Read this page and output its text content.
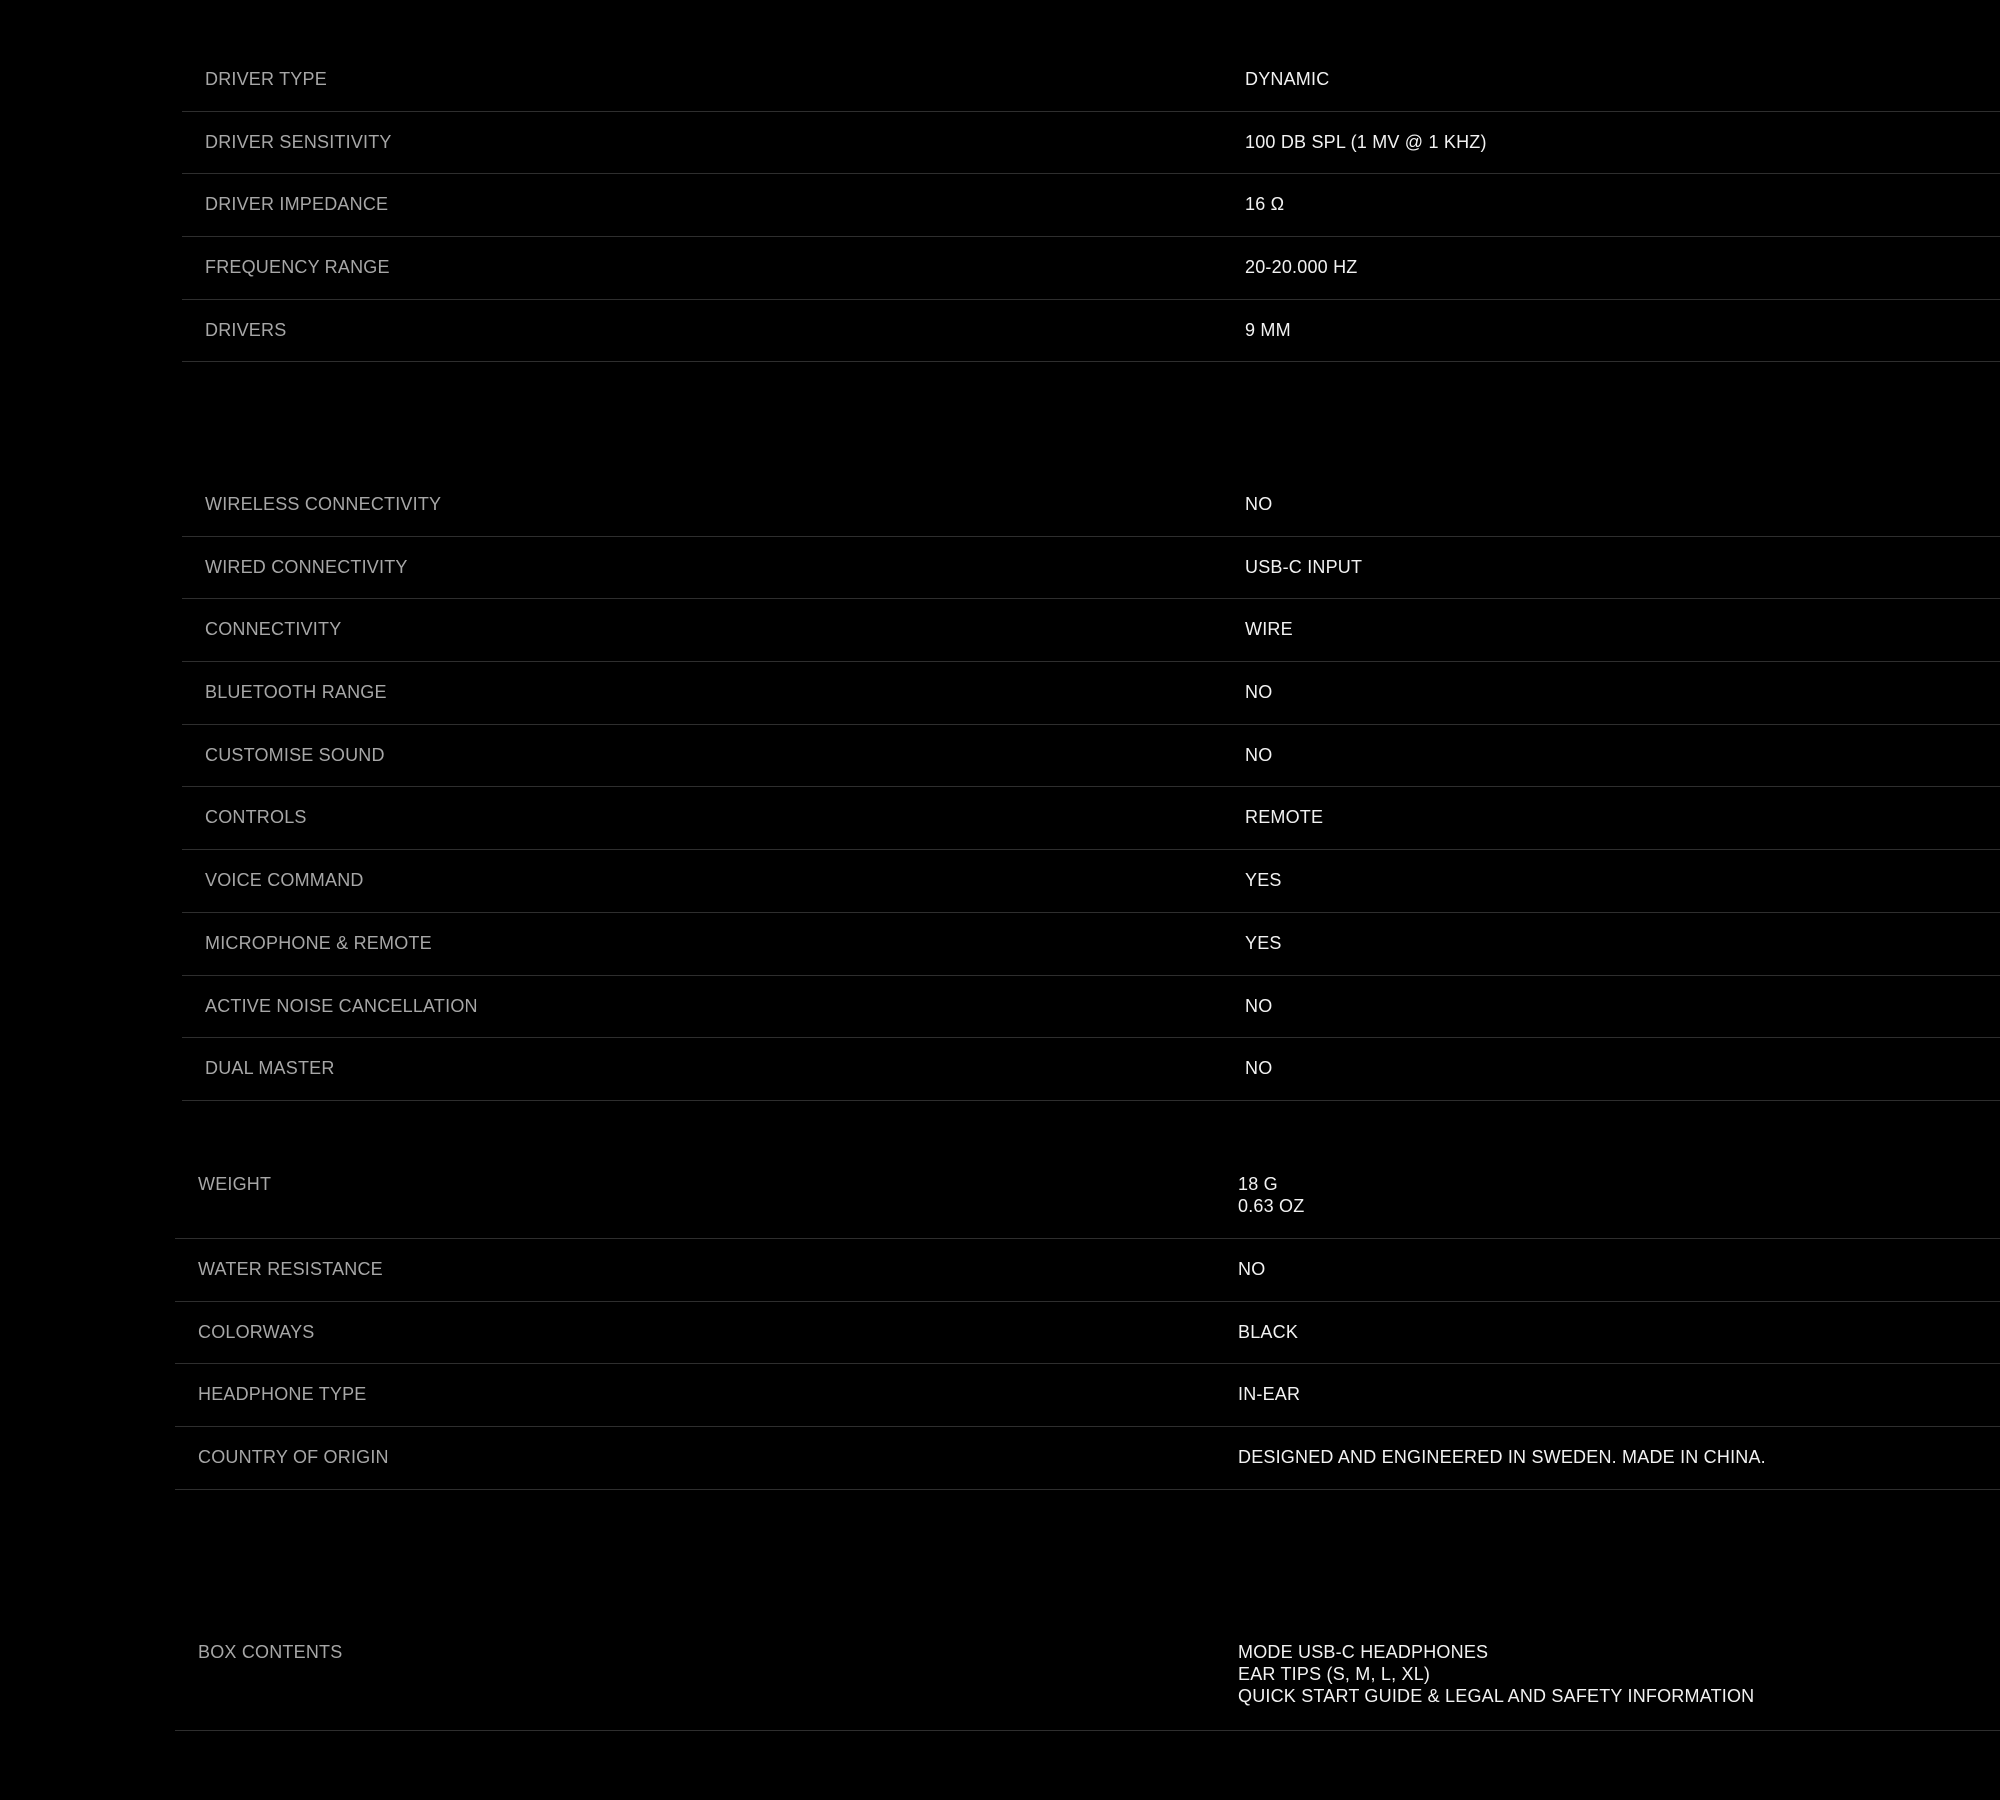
DRIVER TYPE	DYNAMIC
DRIVER SENSITIVITY	100 DB SPL (1 MV @ 1 KHZ)
DRIVER IMPEDANCE	16 Ω
FREQUENCY RANGE	20-20.000 HZ
DRIVERS	9 MM
WIRELESS CONNECTIVITY	NO
WIRED CONNECTIVITY	USB-C INPUT
CONNECTIVITY	WIRE
BLUETOOTH RANGE	NO
CUSTOMISE SOUND	NO
CONTROLS	REMOTE
VOICE COMMAND	YES
MICROPHONE & REMOTE	YES
ACTIVE NOISE CANCELLATION	NO
DUAL MASTER	NO
WEIGHT	18 G
0.63 OZ
WATER RESISTANCE	NO
COLORWAYS	BLACK
HEADPHONE TYPE	IN-EAR
COUNTRY OF ORIGIN	DESIGNED AND ENGINEERED IN SWEDEN. MADE IN CHINA.
BOX CONTENTS	MODE USB-C HEADPHONES
EAR TIPS (S, M, L, XL)
QUICK START GUIDE & LEGAL AND SAFETY INFORMATION
